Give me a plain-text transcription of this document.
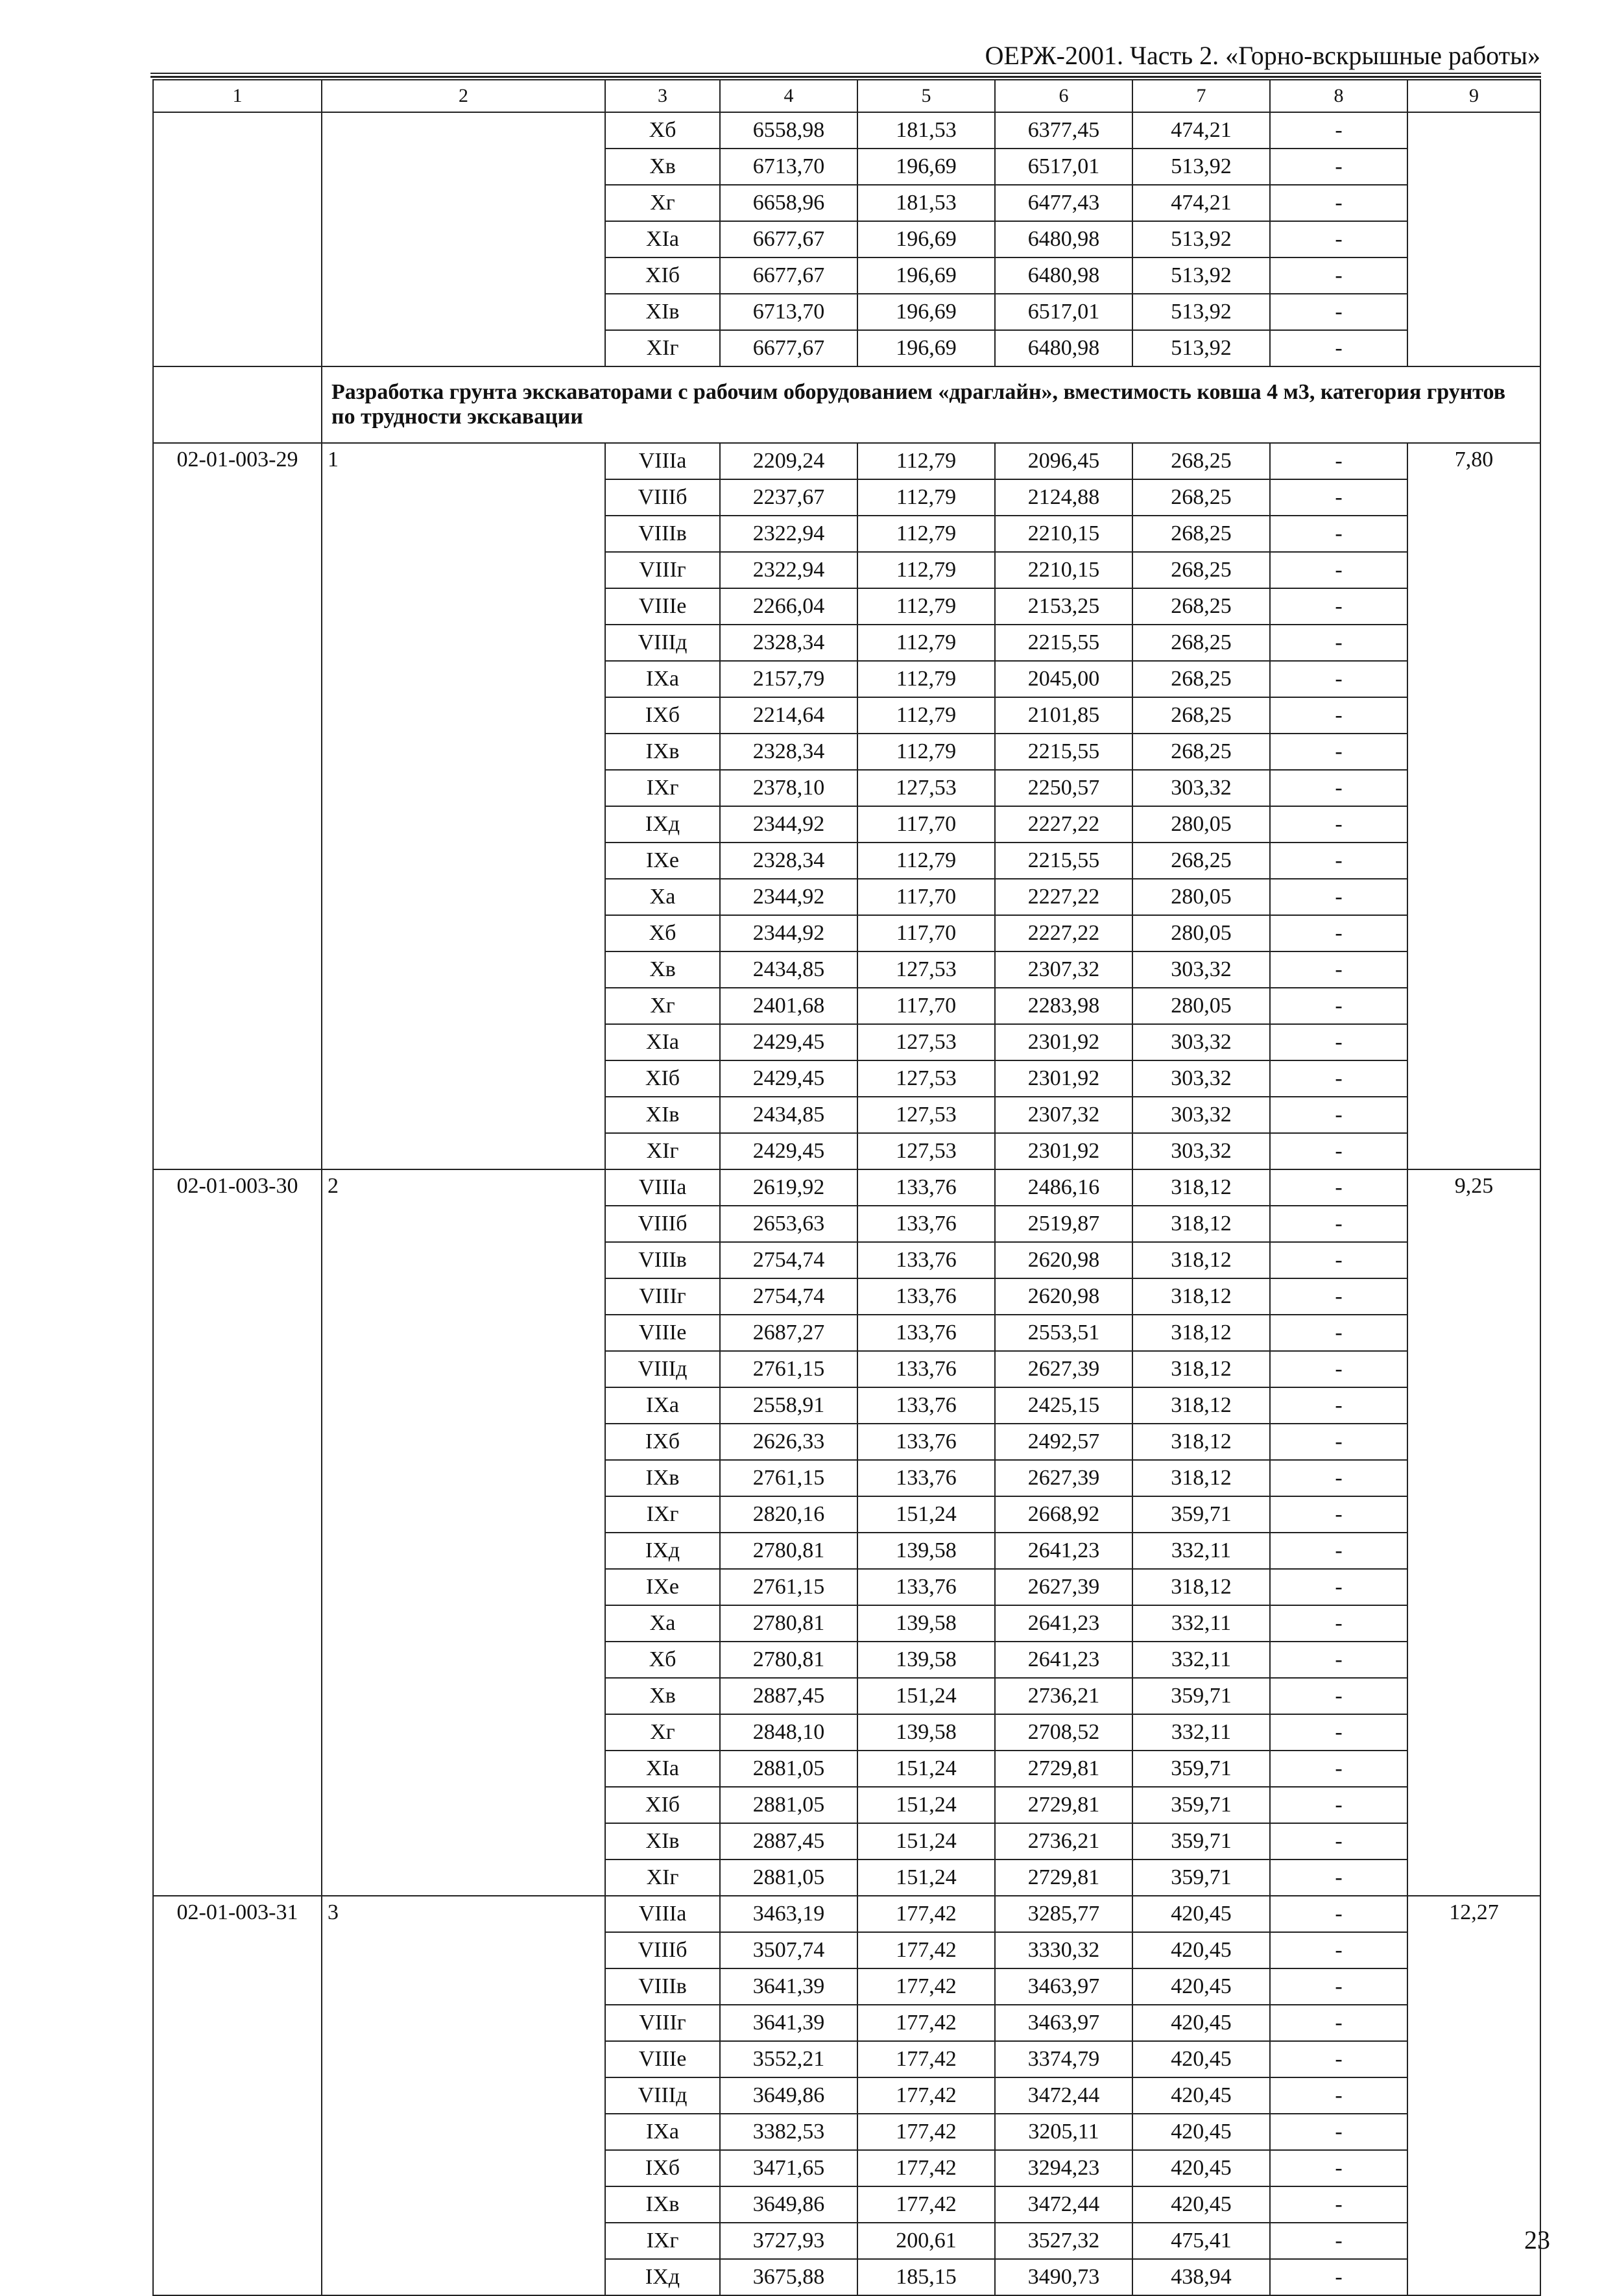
ОЕРЖ-2001. Часть 2. «Горно-вскрышные работы»
1	2	3	4	5	6	7	8	9
		Хб	6558,98	181,53	6377,45	474,21	-	
		Хв	6713,70	196,69	6517,01	513,92	-	
		Хг	6658,96	181,53	6477,43	474,21	-	
		XIа	6677,67	196,69	6480,98	513,92	-	
		XIб	6677,67	196,69	6480,98	513,92	-	
		XIв	6713,70	196,69	6517,01	513,92	-	
		XIг	6677,67	196,69	6480,98	513,92	-	
	Разработка грунта экскаваторами с рабочим оборудованием «драглайн», вместимость ковша 4 м3, категория грунтов по трудности экскавации							
02-01-003-29	1	VIIIа	2209,24	112,79	2096,45	268,25	-	7,80
		VIIIб	2237,67	112,79	2124,88	268,25	-	
		VIIIв	2322,94	112,79	2210,15	268,25	-	
		VIIIг	2322,94	112,79	2210,15	268,25	-	
		VIIIе	2266,04	112,79	2153,25	268,25	-	
		VIIIд	2328,34	112,79	2215,55	268,25	-	
		IXа	2157,79	112,79	2045,00	268,25	-	
		IXб	2214,64	112,79	2101,85	268,25	-	
		IXв	2328,34	112,79	2215,55	268,25	-	
		IXг	2378,10	127,53	2250,57	303,32	-	
		IXд	2344,92	117,70	2227,22	280,05	-	
		IXе	2328,34	112,79	2215,55	268,25	-	
		Ха	2344,92	117,70	2227,22	280,05	-	
		Хб	2344,92	117,70	2227,22	280,05	-	
		Хв	2434,85	127,53	2307,32	303,32	-	
		Хг	2401,68	117,70	2283,98	280,05	-	
		XIа	2429,45	127,53	2301,92	303,32	-	
		XIб	2429,45	127,53	2301,92	303,32	-	
		XIв	2434,85	127,53	2307,32	303,32	-	
		XIг	2429,45	127,53	2301,92	303,32	-	
02-01-003-30	2	VIIIа	2619,92	133,76	2486,16	318,12	-	9,25
		VIIIб	2653,63	133,76	2519,87	318,12	-	
		VIIIв	2754,74	133,76	2620,98	318,12	-	
		VIIIг	2754,74	133,76	2620,98	318,12	-	
		VIIIе	2687,27	133,76	2553,51	318,12	-	
		VIIIд	2761,15	133,76	2627,39	318,12	-	
		IXа	2558,91	133,76	2425,15	318,12	-	
		IXб	2626,33	133,76	2492,57	318,12	-	
		IXв	2761,15	133,76	2627,39	318,12	-	
		IXг	2820,16	151,24	2668,92	359,71	-	
		IXд	2780,81	139,58	2641,23	332,11	-	
		IXе	2761,15	133,76	2627,39	318,12	-	
		Ха	2780,81	139,58	2641,23	332,11	-	
		Хб	2780,81	139,58	2641,23	332,11	-	
		Хв	2887,45	151,24	2736,21	359,71	-	
		Хг	2848,10	139,58	2708,52	332,11	-	
		XIа	2881,05	151,24	2729,81	359,71	-	
		XIб	2881,05	151,24	2729,81	359,71	-	
		XIв	2887,45	151,24	2736,21	359,71	-	
		XIг	2881,05	151,24	2729,81	359,71	-	
02-01-003-31	3	VIIIа	3463,19	177,42	3285,77	420,45	-	12,27
		VIIIб	3507,74	177,42	3330,32	420,45	-	
		VIIIв	3641,39	177,42	3463,97	420,45	-	
		VIIIг	3641,39	177,42	3463,97	420,45	-	
		VIIIе	3552,21	177,42	3374,79	420,45	-	
		VIIIд	3649,86	177,42	3472,44	420,45	-	
		IXа	3382,53	177,42	3205,11	420,45	-	
		IXб	3471,65	177,42	3294,23	420,45	-	
		IXв	3649,86	177,42	3472,44	420,45	-	
		IXг	3727,93	200,61	3527,32	475,41	-	
		IXд	3675,88	185,15	3490,73	438,94	-	
23
